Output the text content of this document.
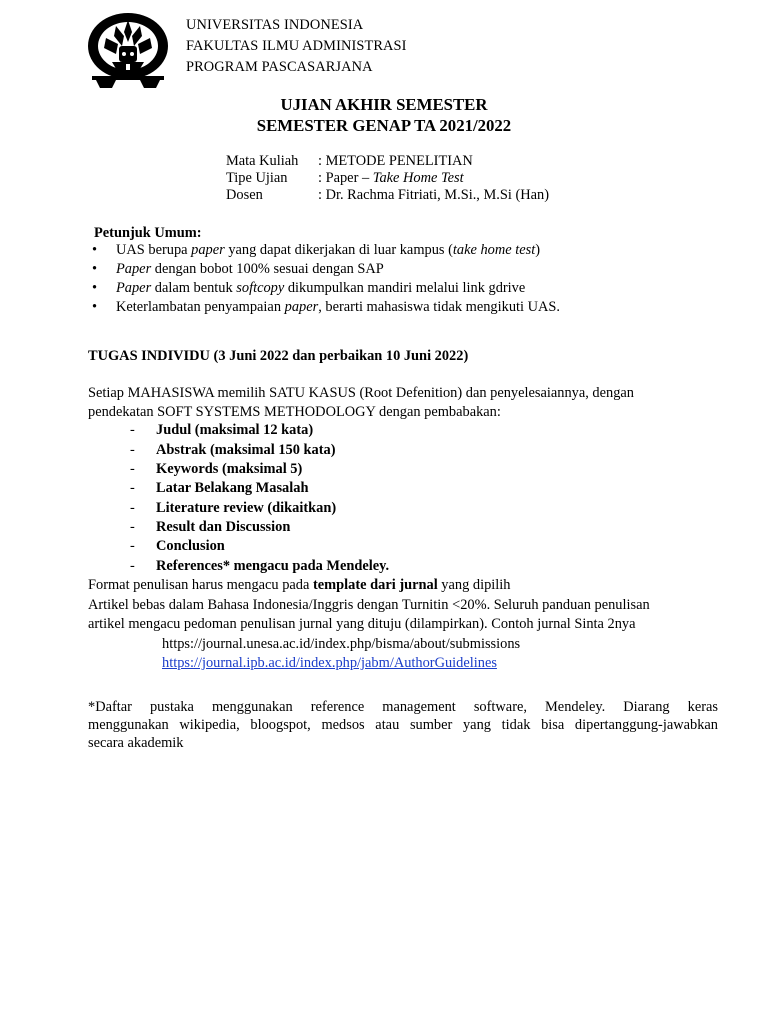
UNIVERSITAS INDONESIA
FAKULTAS ILMU ADMINISTRASI
PROGRAM PASCASARJANA
UJIAN AKHIR SEMESTER
SEMESTER GENAP TA 2021/2022
Mata Kuliah : METODE PENELITIAN
Tipe Ujian : Paper – Take Home Test
Dosen	: Dr. Rachma Fitriati, M.Si., M.Si (Han)
Petunjuk Umum:
• UAS berupa paper yang dapat dikerjakan di luar kampus (take home test)
• Paper dengan bobot 100% sesuai dengan SAP
• Paper dalam bentuk softcopy dikumpulkan mandiri melalui link gdrive
• Keterlambatan penyampaian paper, berarti mahasiswa tidak mengikuti UAS.
TUGAS INDIVIDU (3 Juni 2022 dan perbaikan 10 Juni 2022)
Setiap MAHASISWA memilih SATU KASUS (Root Defenition) dan penyelesaiannya, dengan
pendekatan SOFT SYSTEMS METHODOLOGY dengan pembabakan:
- Judul (maksimal 12 kata)
- Abstrak (maksimal 150 kata)
- Keywords (maksimal 5)
- Latar Belakang Masalah
- Literature review (dikaitkan)
- Result dan Discussion
- Conclusion
- References* mengacu pada Mendeley.
Format penulisan harus mengacu pada template dari jurnal yang dipilih
Artikel bebas dalam Bahasa Indonesia/Inggris dengan Turnitin <20%. Seluruh panduan penulisan
artikel mengacu pedoman penulisan jurnal yang dituju (dilampirkan). Contoh jurnal Sinta 2nya
https://journal.unesa.ac.id/index.php/bisma/about/submissions
https://journal.ipb.ac.id/index.php/jabm/AuthorGuidelines
*Daftar pustaka menggunakan reference management software, Mendeley. Diarang keras
menggunakan wikipedia, bloogspot, medsos atau sumber yang tidak bisa dipertanggung-jawabkan
secara akademik
